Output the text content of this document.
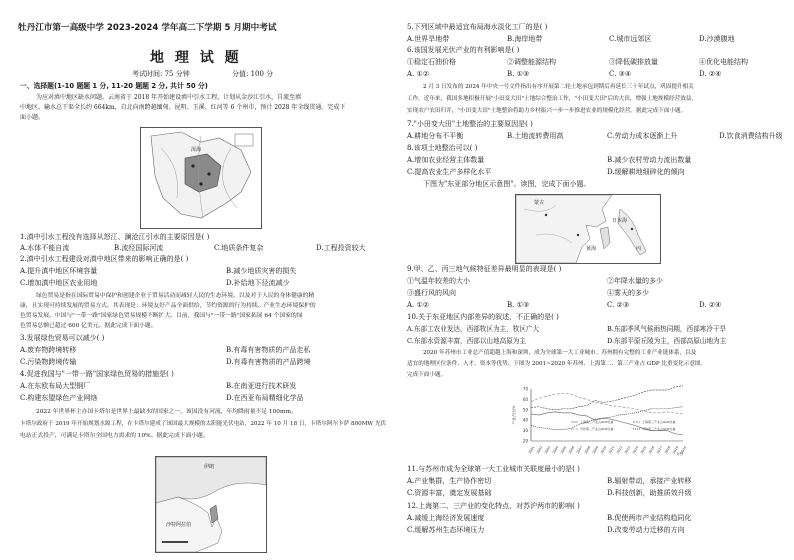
牡丹江市第一高级中学 2023-2024 学年高二下学期 5 月期中考试
地 理 试 题
考试时间: 75 分钟	分值: 100 分
一、选择题(1-10 题题 1 分, 11-20 题题 2 分, 共计 50 分)
为应对滇中地区缺水问题，云南省于 2018 年开始建设滇中引水工程，计划从金沙江引水，自流至滇
中地区。输水总干渠全长约 664km，自北向南跨越缅甸、昆明、玉溪、红河等 6 个州市，预计 2028 年全线贯通。完成下
面小题。
洱海
1.滇中引水工程没有选择从怒江、澜沧江引水的主要原因是( )
A.水体不能自流	B.流经国际河流	C.地质条件复杂	D.工程投资较大
2.滇中引水工程建设对滇中地区带来的影响正确的是( )
A.提升滇中地区环境容量	B.减少地质灾害的损失
C.增加滇中地区农业用地	D.补给地下径流减少
绿色贸易是指在国际贸易中保护和创建企业于贸易活动而减轻人民的生态环境。以及对于人民的身体健康的精
康，且实现可持续发展的贸易方式。其表现是：环境友好产品全面供给，节约资源的行为持续、产业生态环境保护的
色贸易发展。中国与"一带一路"国家绿色贸易规模不断扩大。目前，我国与"一带一路"国家拓展 64 个国家的绿
色贸易总额已超过 600 亿美元。据此完成下面小题。
3.发展绿色贸易可以减少( )
A.废弃物跨境转移	B.有毒有害物质的产品走私
C.污染物跨境传输	D.有毒有害物质的产品跨境
4.促进我国与"一带一路"国家绿色贸易的措施是( )
A.在东欧布局大型钢厂	B.在南亚进行技术研发
C.构建东盟绿色产业网络	D.在西亚布局精细化学品
2022 年世界杯主办国卡塔尔是世界上最缺水的国家之一，该国没有河流，年均降雨量不足 100mm。
卡塔尔政府于 2019 年开始规划水源工程，在卡塔尔建成了该国最大规模的太阳能光伏电站，2022 年 10 月 18 日，卡塔尔阿尔卡萨 800MW 光伏
电站正式投产，可满足卡塔尔全国电力需求的 10%。据此完成下面小题。
伊朗
沙特阿拉伯
5.下列区域中最适宜布局海水淡化工厂的是( )
A.世界旱地带	B.海岸地带	C.城市远郊区	D.沙漠腹地
6.该国发展光伏产业的有利影响是( )
①稳定石油价格	②调整能源结构	③降低碳排放量	④优化电能结构
A. ①②	B. ①③	C. ③④	D. ②④
2 月 3 日发布的 2024 年中央一号文件指出有序开展第二轮土地承包到期后再延长三十年试点，巩固提升相关
工作。近年来，我国多地积极开展"小田变大田"土地综合整治工作，"小田变大田"后的大田，增强土地规模经营效益，
实现农户农田归并，"小田变大田"土地整治将助力乡村振兴一步一步推进农业的规模化经营。据此完成下面小题。
7."小田变大田"土地整治的主要原因是( )
A.耕地分布不平衡	B.土地流转费用高	C.劳动力成本逐渐上升	D.饮食消费结构升级
8.该项土地整治可以( )
A.增加农业经营主体数量	B.减少农村劳动力流出数量
C.提高农业生产多样化水平	D.缓解耕地细碎化的倾向
下图为"东亚部分地区示意图"。读图，完成下面小题。
蒙古
日本海
黄海	丙
9.甲、乙、丙三地气候特征差异最明显的表现是( )
①气温年较差的大小	②年降水量的多少
③盛行风的风向	④雾天的多少
A. ①②	B. ①③	C. ②③	D. ②④
10.关于东亚地区内部差异的叙述，不正确的是( )
A.东部工农业发达，西部牧区为主，牧区广大	B.东部季风气候雨热同期，西部寒冷干旱
C.东部水资源丰富，西部以山地高原为主	D.东部平原丘陵为主，西部高原山地为主
2020 年苏州市工业总产值超越上海和深圳，成为全球第一大工业城市。苏州拥有完整的工业产业链体系，以及
适宜的地理区位条件、人才、资本等优势。下图为 2001~2020 年苏州、上海第二、第三产业占 GDP 比重变化示意图。
完成下面小题。
70
60
50
40
30
20
2001 2002 2003 2004 2005 2006 2007 2008 2009 2010 2011 2012 2013 2014 2015 2016 2017 2018 2019 2020
产业占比/%	上海第二产业占GDP比重	上海第三产业占GDP比重
苏州第二产业占GDP比重	苏州第三产业占GDP比重
年份
11.与苏州市成为全球第一大工业城市关联度最小的是( )
A.产业集群，生产协作密切	B.辐射带动，承接产业转移
C.资源丰富，奠定发展基础	D.科技创新，助推质效升级
12.上海第二、三产业的变化特点，对苏沪两市的影响( )
A.减缓上海经济发展速度	B.促使两市产业结构趋同化
C.缓解苏州生态环境压力	D.改变劳动力迁移的方向
